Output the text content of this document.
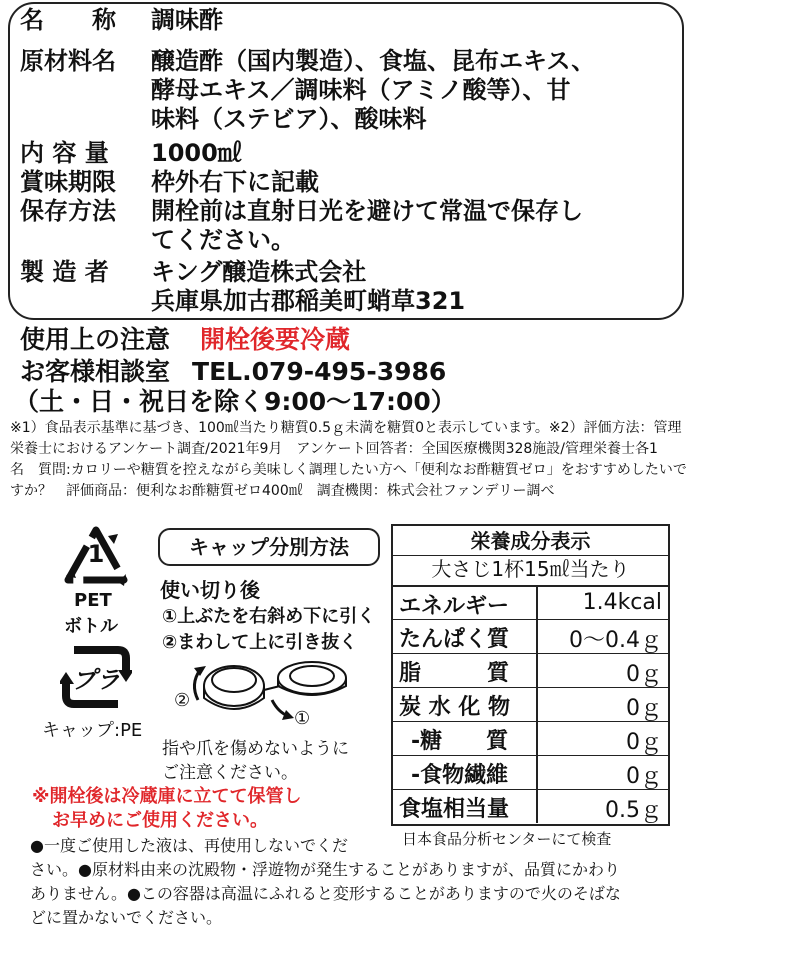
名　　称 調味酢
原材料名 醸造酢（国内製造）、食塩、昆布エキス、
酵母エキス／調味料（アミノ酸等）、甘
味料（ステビア）、酸味料
内 容 量 1000㎖
賞味期限 枠外右下に記載
保存方法 開栓前は直射日光を避けて常温で保存し
てください。
製 造 者 キング醸造株式会社
兵庫県加古郡稲美町蛸草321
使用上の注意 開栓後要冷蔵
お客様相談室 TEL.079-495-3986
（土・日・祝日を除く9:00～17:00）
※1）食品表示基準に基づき、100㎖当たり糖質0.5ｇ未満を糖質0と表示しています。※2）評価方法：管理
栄養士におけるアンケート調査/2021年9月　アンケート回答者：全国医療機関328施設/管理栄養士各1
名　質問:カロリーや糖質を控えながら美味しく調理したい方へ「便利なお酢糖質ゼロ」をおすすめしたいで
すか？　評価商品：便利なお酢糖質ゼロ400㎖　調査機関：株式会社ファンデリー調べ
1
PET
ボトル
プラ
キャップ:PE
キャップ分別方法
使い切り後
①上ぶたを右斜め下に引く
②まわして上に引き抜く
②
①
指や爪を傷めないように
ご注意ください。
※開栓後は冷蔵庫に立てて保管し
お早めにご使用ください。
栄養成分表示
大さじ1杯15㎖当たり
エネルギー	1.4kcal
たんぱく質	0～0.4ｇ
脂　　　質	0ｇ
炭 水 化 物	0ｇ
-糖　　質	0ｇ
-食物繊維	0ｇ
食塩相当量	0.5ｇ
日本食品分析センターにて検査
●一度ご使用した液は、再使用しないでくだ
さい。●原材料由来の沈殿物・浮遊物が発生することがありますが、品質にかわり
ありません。●この容器は高温にふれると変形することがありますので火のそばな
どに置かないでください。
